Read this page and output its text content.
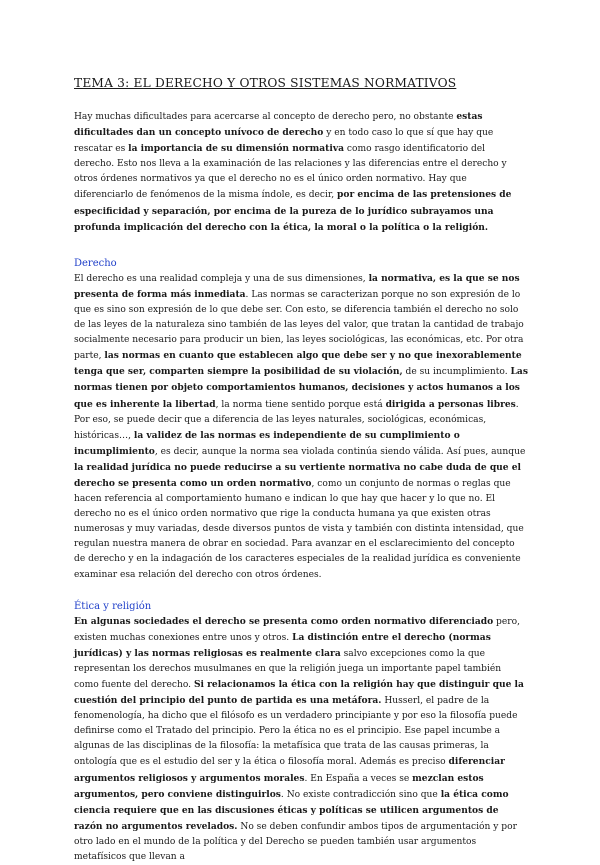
TEMA 3: EL DERECHO Y OTROS SISTEMAS NORMATIVOS

Hay muchas dificultades para acercarse al concepto de derecho pero, no obstante estas dificultades dan un concepto unívoco de derecho y en todo caso lo que sí que hay que rescatar es la importancia de su dimensión normativa como rasgo identificatorio del derecho. Esto nos lleva a la examinación de las relaciones y las diferencias entre el derecho y otros órdenes normativos ya que el derecho no es el único orden normativo. Hay que diferenciarlo de fenómenos de la misma índole, es decir, por encima de las pretensiones de especificidad y separación, por encima de la pureza de lo jurídico subrayamos una profunda implicación del derecho con la ética, la moral o la política o la religión.

Derecho

El derecho es una realidad compleja y una de sus dimensiones, la normativa, es la que se nos presenta de forma más inmediata. Las normas se caracterizan porque no son expresión de lo que es sino son expresión de lo que debe ser. Con esto, se diferencia también el derecho no solo de las leyes de la naturaleza sino también de las leyes del valor, que tratan la cantidad de trabajo socialmente necesario para producir un bien, las leyes sociológicas, las económicas, etc. Por otra parte, las normas en cuanto que establecen algo que debe ser y no que inexorablemente tenga que ser, comparten siempre la posibilidad de su violación, de su incumplimiento. Las normas tienen por objeto comportamientos humanos, decisiones y actos humanos a los que es inherente la libertad, la norma tiene sentido porque está dirigida a personas libres. Por eso, se puede decir que a diferencia de las leyes naturales, sociológicas, económicas, históricas…, la validez de las normas es independiente de su cumplimiento o incumplimiento, es decir, aunque la norma sea violada continúa siendo válida. Así pues, aunque la realidad jurídica no puede reducirse a su vertiente normativa no cabe duda de que el derecho se presenta como un orden normativo, como un conjunto de normas o reglas que hacen referencia al comportamiento humano e indican lo que hay que hacer y lo que no. El derecho no es el único orden normativo que rige la conducta humana ya que existen otras numerosas y muy variadas, desde diversos puntos de vista y también con distinta intensidad, que regulan nuestra manera de obrar en sociedad. Para avanzar en el esclarecimiento del concepto de derecho y en la indagación de los caracteres especiales de la realidad jurídica es conveniente examinar esa relación del derecho con otros órdenes.

Ética y religión

En algunas sociedades el derecho se presenta como orden normativo diferenciado pero, existen muchas conexiones entre unos y otros. La distinción entre el derecho (normas jurídicas) y las normas religiosas es realmente clara salvo excepciones como la que representan los derechos musulmanes en que la religión juega un importante papel también como fuente del derecho. Si relacionamos la ética con la religión hay que distinguir que la cuestión del principio del punto de partida es una metáfora. Husserl, el padre de la fenomenología, ha dicho que el filósofo es un verdadero principiante y por eso la filosofía puede definirse como el Tratado del principio. Pero la ética no es el principio. Ese papel incumbe a algunas de las disciplinas de la filosofía: la metafísica que trata de las causas primeras, la ontología que es el estudio del ser y la ética o filosofía moral. Además es preciso diferenciar argumentos religiosos y argumentos morales. En España a veces se mezclan estos argumentos, pero conviene distinguirlos. No existe contradicción sino que la ética como ciencia requiere que en las discusiones éticas y políticas se utilicen argumentos de razón no argumentos revelados. No se deben confundir ambos tipos de argumentación y por otro lado en el mundo de la política y del Derecho se pueden también usar argumentos metafísicos que llevan a
